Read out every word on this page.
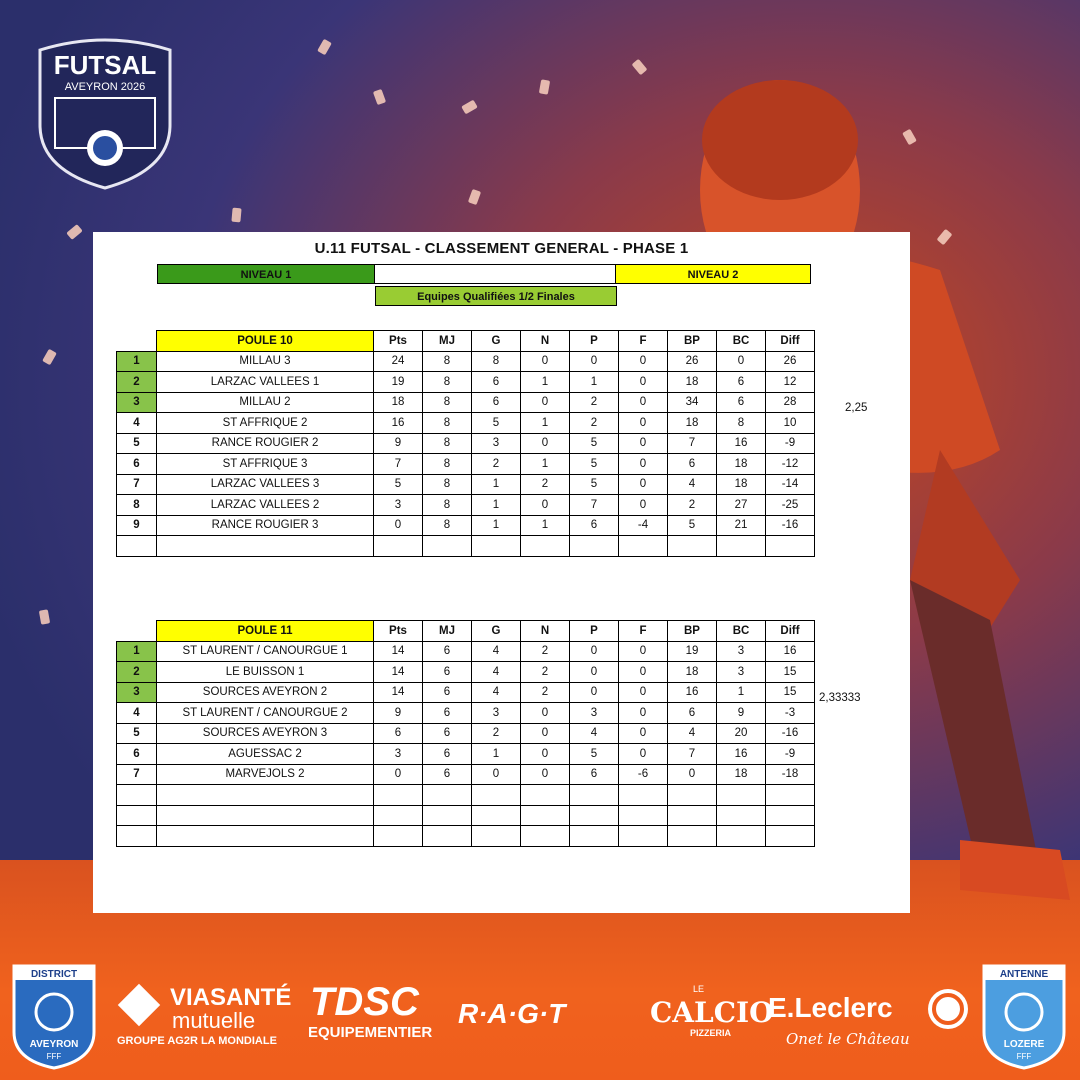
FUTSAL
AVEYRON 2026
U.11 FUTSAL - CLASSEMENT GENERAL - PHASE 1
NIVEAU 1	NIVEAU 2
Equipes Qualifiées 1/2 Finales
	POULE 10	Pts	MJ	G	N	P	F	BP	BC	Diff
1	MILLAU 3	24	8	8	0	0	0	26	0	26
2	LARZAC VALLEES 1	19	8	6	1	1	0	18	6	12
3	MILLAU 2	18	8	6	0	2	0	34	6	28
4	ST AFFRIQUE 2	16	8	5	1	2	0	18	8	10
5	RANCE ROUGIER 2	9	8	3	0	5	0	7	16	-9
6	ST AFFRIQUE 3	7	8	2	1	5	0	6	18	-12
7	LARZAC VALLEES 3	5	8	1	2	5	0	4	18	-14
8	LARZAC VALLEES 2	3	8	1	0	7	0	2	27	-25
9	RANCE ROUGIER 3	0	8	1	1	6	-4	5	21	-16

2,25
	POULE 11	Pts	MJ	G	N	P	F	BP	BC	Diff
1	ST LAURENT / CANOURGUE 1	14	6	4	2	0	0	19	3	16
2	LE BUISSON 1	14	6	4	2	0	0	18	3	15
3	SOURCES AVEYRON 2	14	6	4	2	0	0	16	1	15
4	ST LAURENT / CANOURGUE 2	9	6	3	0	3	0	6	9	-3
5	SOURCES AVEYRON 3	6	6	2	0	4	0	4	20	-16
6	AGUESSAC 2	3	6	1	0	5	0	7	16	-9
7	MARVEJOLS 2	0	6	0	0	6	-6	0	18	-18

2,33333
DISTRICT
AVEYRON
FFF
VIASANTÉ
mutuelle
GROUPE AG2R LA MONDIALE
TDSC
EQUIPEMENTIER
R·A·G·T
LE
CALCIO
PIZZERIA
E.Leclerc
Onet le Château
ANTENNE
LOZERE
FFF
